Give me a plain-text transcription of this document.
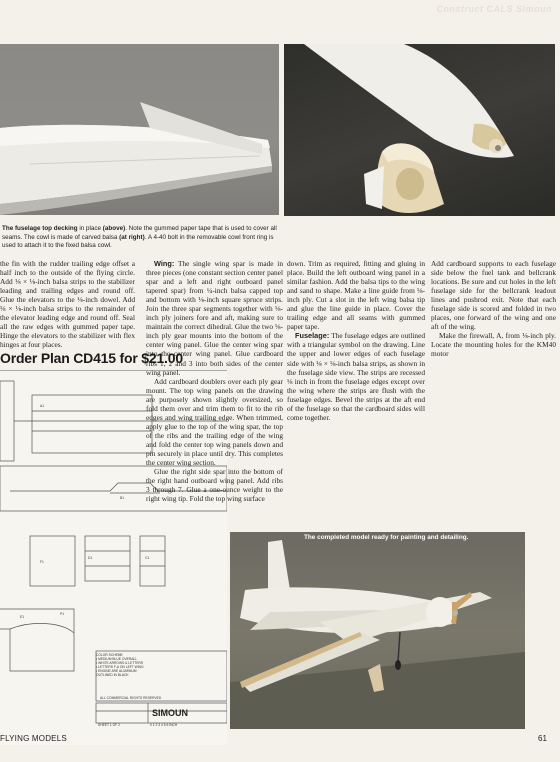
Construct CALS Simoun
The fuselage top decking in place (above). Note the gummed paper tape that is used to cover all seams. The cowl is made of carved balsa (at right). A 4-40 bolt in the removable cowl front ring is used to attach it to the fixed balsa cowl.

the fin with the rudder trailing edge offset a half inch to the outside of the flying circle. Add ⅛ × ⅛-inch balsa strips to the stabilizer leading and trailing edges and round off. Glue the elevators to the ⅛-inch dowel. Add ⅛ × ⅛-inch balsa strips to the remainder of the elevator leading edge and round off. Seal all the raw edges with gummed paper tape. Hinge the elevators to the stabilizer with flex hinges at four places.

Order Plan CD415 for $21.00
A1
B1
D1	C1
F1
E1
P1
COLOR SCHEME
• MEDIUM BLUE OVERALL
• WHITE ARROWS & LETTERS
• LETTERS F-A ON LEFT WING
• ENGINE ARE ALUMINUM
OUTLINED IN BLACK
ALL COMMERCIAL RIGHTS RESERVED
SIMOUN
SHEET 1 OF 2	0 1 2 3 4 5 6 INCH

Wing: The single wing spar is made in three pieces (one constant section center panel spar and a left and right outboard panel tapered spar) from ¼-inch balsa capped top and bottom with ⅛-inch square spruce strips. Join the three spar segments together with ⅛-inch ply joiners fore and aft, making sure to maintain the correct dihedral. Glue the two ⅛-inch ply gear mounts into the bottom of the center wing panel. Glue the center wing spar into the center wing panel. Glue cardboard ribs 1, 2 and 3 into both sides of the center wing panel.

Add cardboard doublers over each ply gear mount. The top wing panels on the drawing are purposely shown slightly oversized, so fold them over and trim them to fit to the rib edges and wing trailing edge. When trimmed, apply glue to the top of the wing spar, the top of the ribs and the trailing edge of the wing and fold the center top wing panels down and pin securely in place until dry. This completes the center wing section.

Glue the right side spar into the bottom of the right hand outboard wing panel. Add ribs 3 through 7. Glue a one-ounce weight to the right wing tip. Fold the top wing surface

down. Trim as required, fitting and gluing in place. Build the left outboard wing panel in a similar fashion. Add the balsa tips to the wing and sand to shape. Make a line guide from ⅛-inch ply. Cut a slot in the left wing balsa tip and glue the line guide in place. Cover the trailing edge and all seams with gummed paper tape.

Fuselage: The fuselage edges are outlined with a triangular symbol on the drawing. Line the upper and lower edges of each fuselage side with ⅛ × ⅛-inch balsa strips, as shown in the fuselage side view. The strips are recessed ⅛ inch in from the fuselage edges except over the wing where the strips are flush with the fuselage edges. Bevel the strips at the aft end of the fuselage so that the cardboard sides will come together.

Add cardboard supports to each fuselage side below the fuel tank and bellcrank locations. Be sure and cut holes in the left fuselage side for the bellcrank leadout lines and pushrod exit. Note that each fuselage side is scored and folded in two places, one forward of the wing and one aft of the wing.

Make the firewall, A, from ⅛-inch ply. Locate the mounting holes for the KM40 motor

The completed model ready for painting and detailing.
FLYING MODELS	61
